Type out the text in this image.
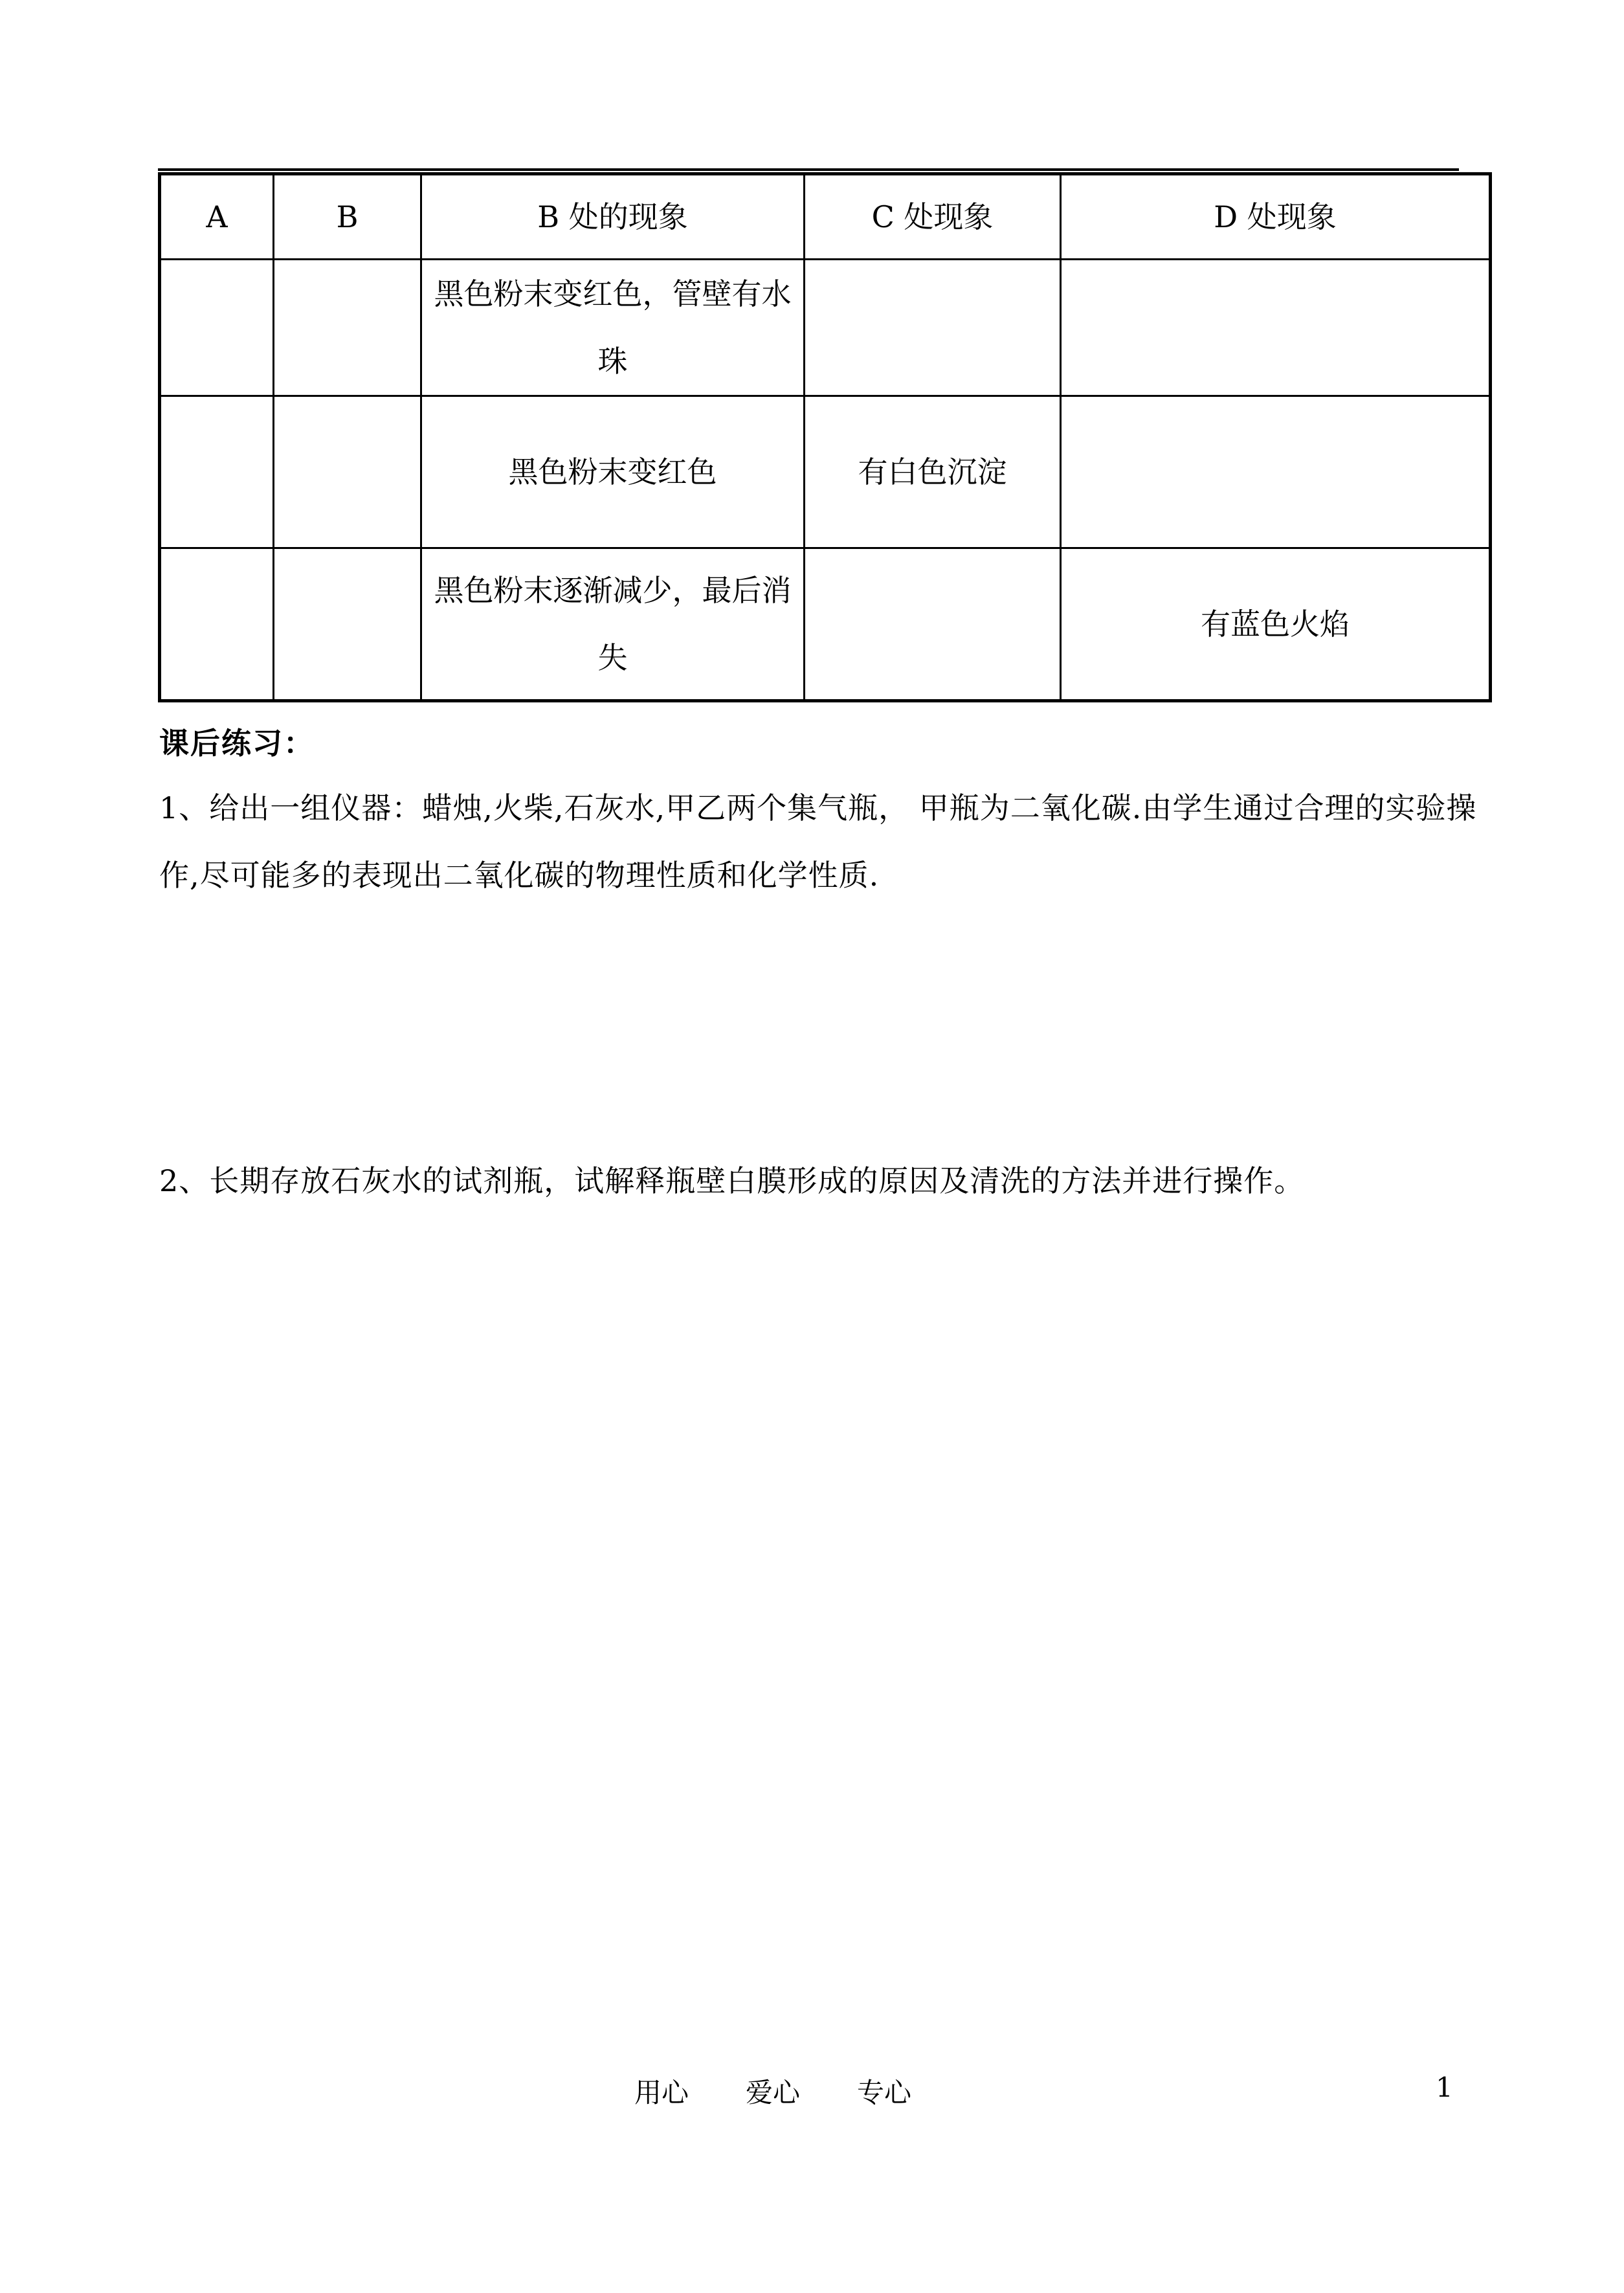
A	B	B 处的现象	C 处现象	D 处现象
		黑色粉末变红色，管壁有水珠		
		黑色粉末变红色	有白色沉淀	
		黑色粉末逐渐减少，最后消失		有蓝色火焰
课后练习：
1、给出一组仪器：蜡烛,火柴,石灰水,甲乙两个集气瓶， 甲瓶为二氧化碳.由学生通过合理的实验操作,尽可能多的表现出二氧化碳的物理性质和化学性质.
2、长期存放石灰水的试剂瓶，试解释瓶壁白膜形成的原因及清洗的方法并进行操作。
用心 爱心 专心	1
